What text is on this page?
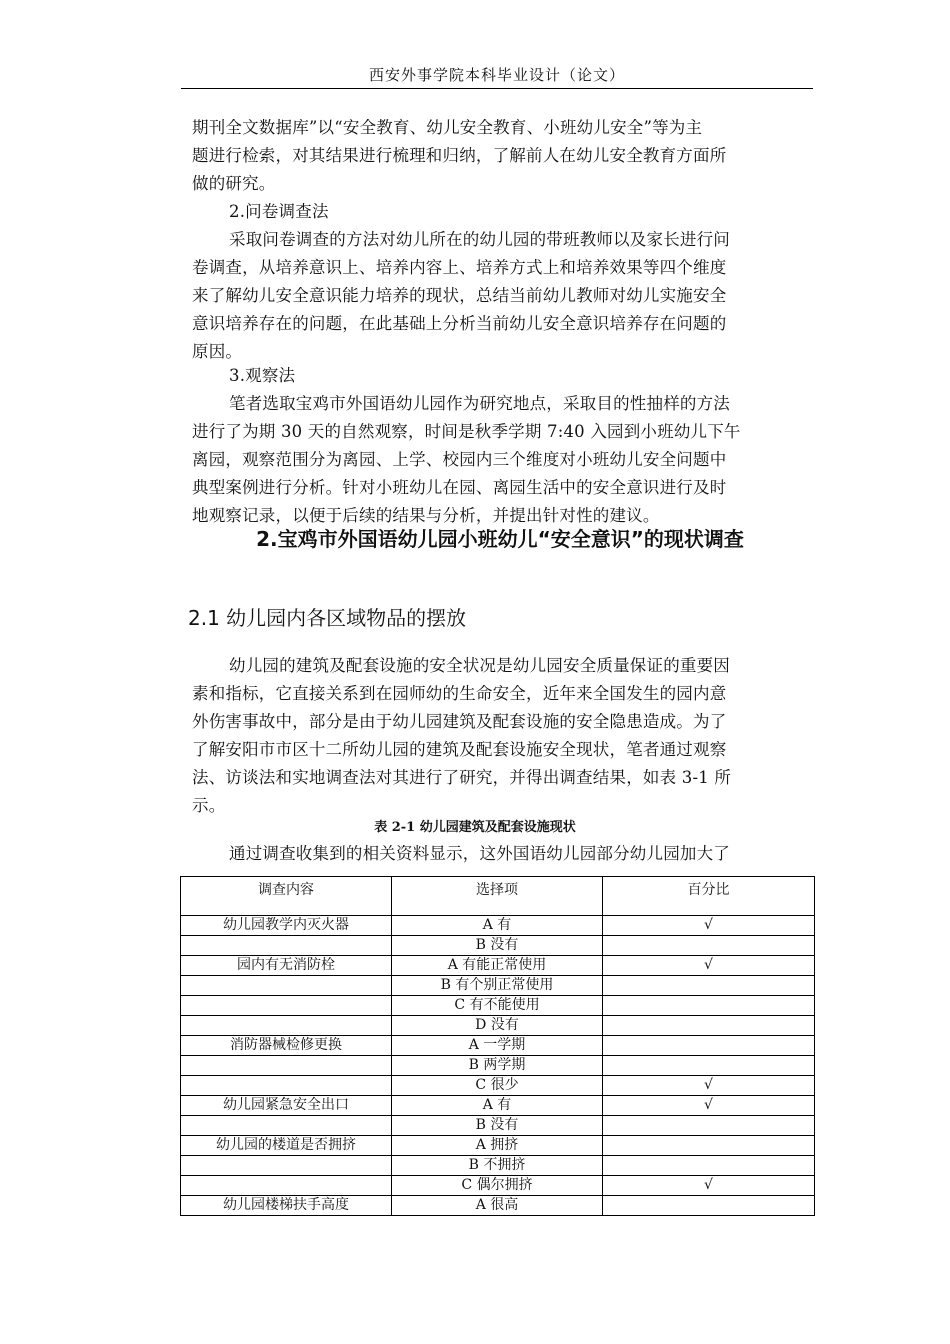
西安外事学院本科毕业设计（论文）
期刊全文数据库”以“安全教育、幼儿安全教育、小班幼儿安全”等为主
题进行检索，对其结果进行梳理和归纳，了解前人在幼儿安全教育方面所
做的研究。
2.问卷调查法
采取问卷调查的方法对幼儿所在的幼儿园的带班教师以及家长进行问
卷调查，从培养意识上、培养内容上、培养方式上和培养效果等四个维度
来了解幼儿安全意识能力培养的现状，总结当前幼儿教师对幼儿实施安全
意识培养存在的问题，在此基础上分析当前幼儿安全意识培养存在问题的
原因。
3.观察法
笔者选取宝鸡市外国语幼儿园作为研究地点，采取目的性抽样的方法
进行了为期 30 天的自然观察，时间是秋季学期 7:40 入园到小班幼儿下午
离园，观察范围分为离园、上学、校园内三个维度对小班幼儿安全问题中
典型案例进行分析。针对小班幼儿在园、离园生活中的安全意识进行及时
地观察记录，以便于后续的结果与分析，并提出针对性的建议。
2.宝鸡市外国语幼儿园小班幼儿“安全意识”的现状调查
2.1 幼儿园内各区域物品的摆放
幼儿园的建筑及配套设施的安全状况是幼儿园安全质量保证的重要因
素和指标，它直接关系到在园师幼的生命安全，近年来全国发生的园内意
外伤害事故中，部分是由于幼儿园建筑及配套设施的安全隐患造成。为了
了解安阳市市区十二所幼儿园的建筑及配套设施安全现状，笔者通过观察
法、访谈法和实地调查法对其进行了研究，并得出调查结果，如表 3-1 所
示。
表 2-1 幼儿园建筑及配套设施现状
通过调查收集到的相关资料显示，这外国语幼儿园部分幼儿园加大了
调查内容	选择项	百分比
幼儿园教学内灭火器	A 有	√
	B 没有	
园内有无消防栓	A 有能正常使用	√
	B 有个别正常使用	
	C 有不能使用	
	D 没有	
消防器械检修更换	A 一学期	
	B 两学期	
	C 很少	√
幼儿园紧急安全出口	A 有	√
	B 没有	
幼儿园的楼道是否拥挤	A 拥挤	
	B 不拥挤	
	C 偶尔拥挤	√
幼儿园楼梯扶手高度	A 很高	
